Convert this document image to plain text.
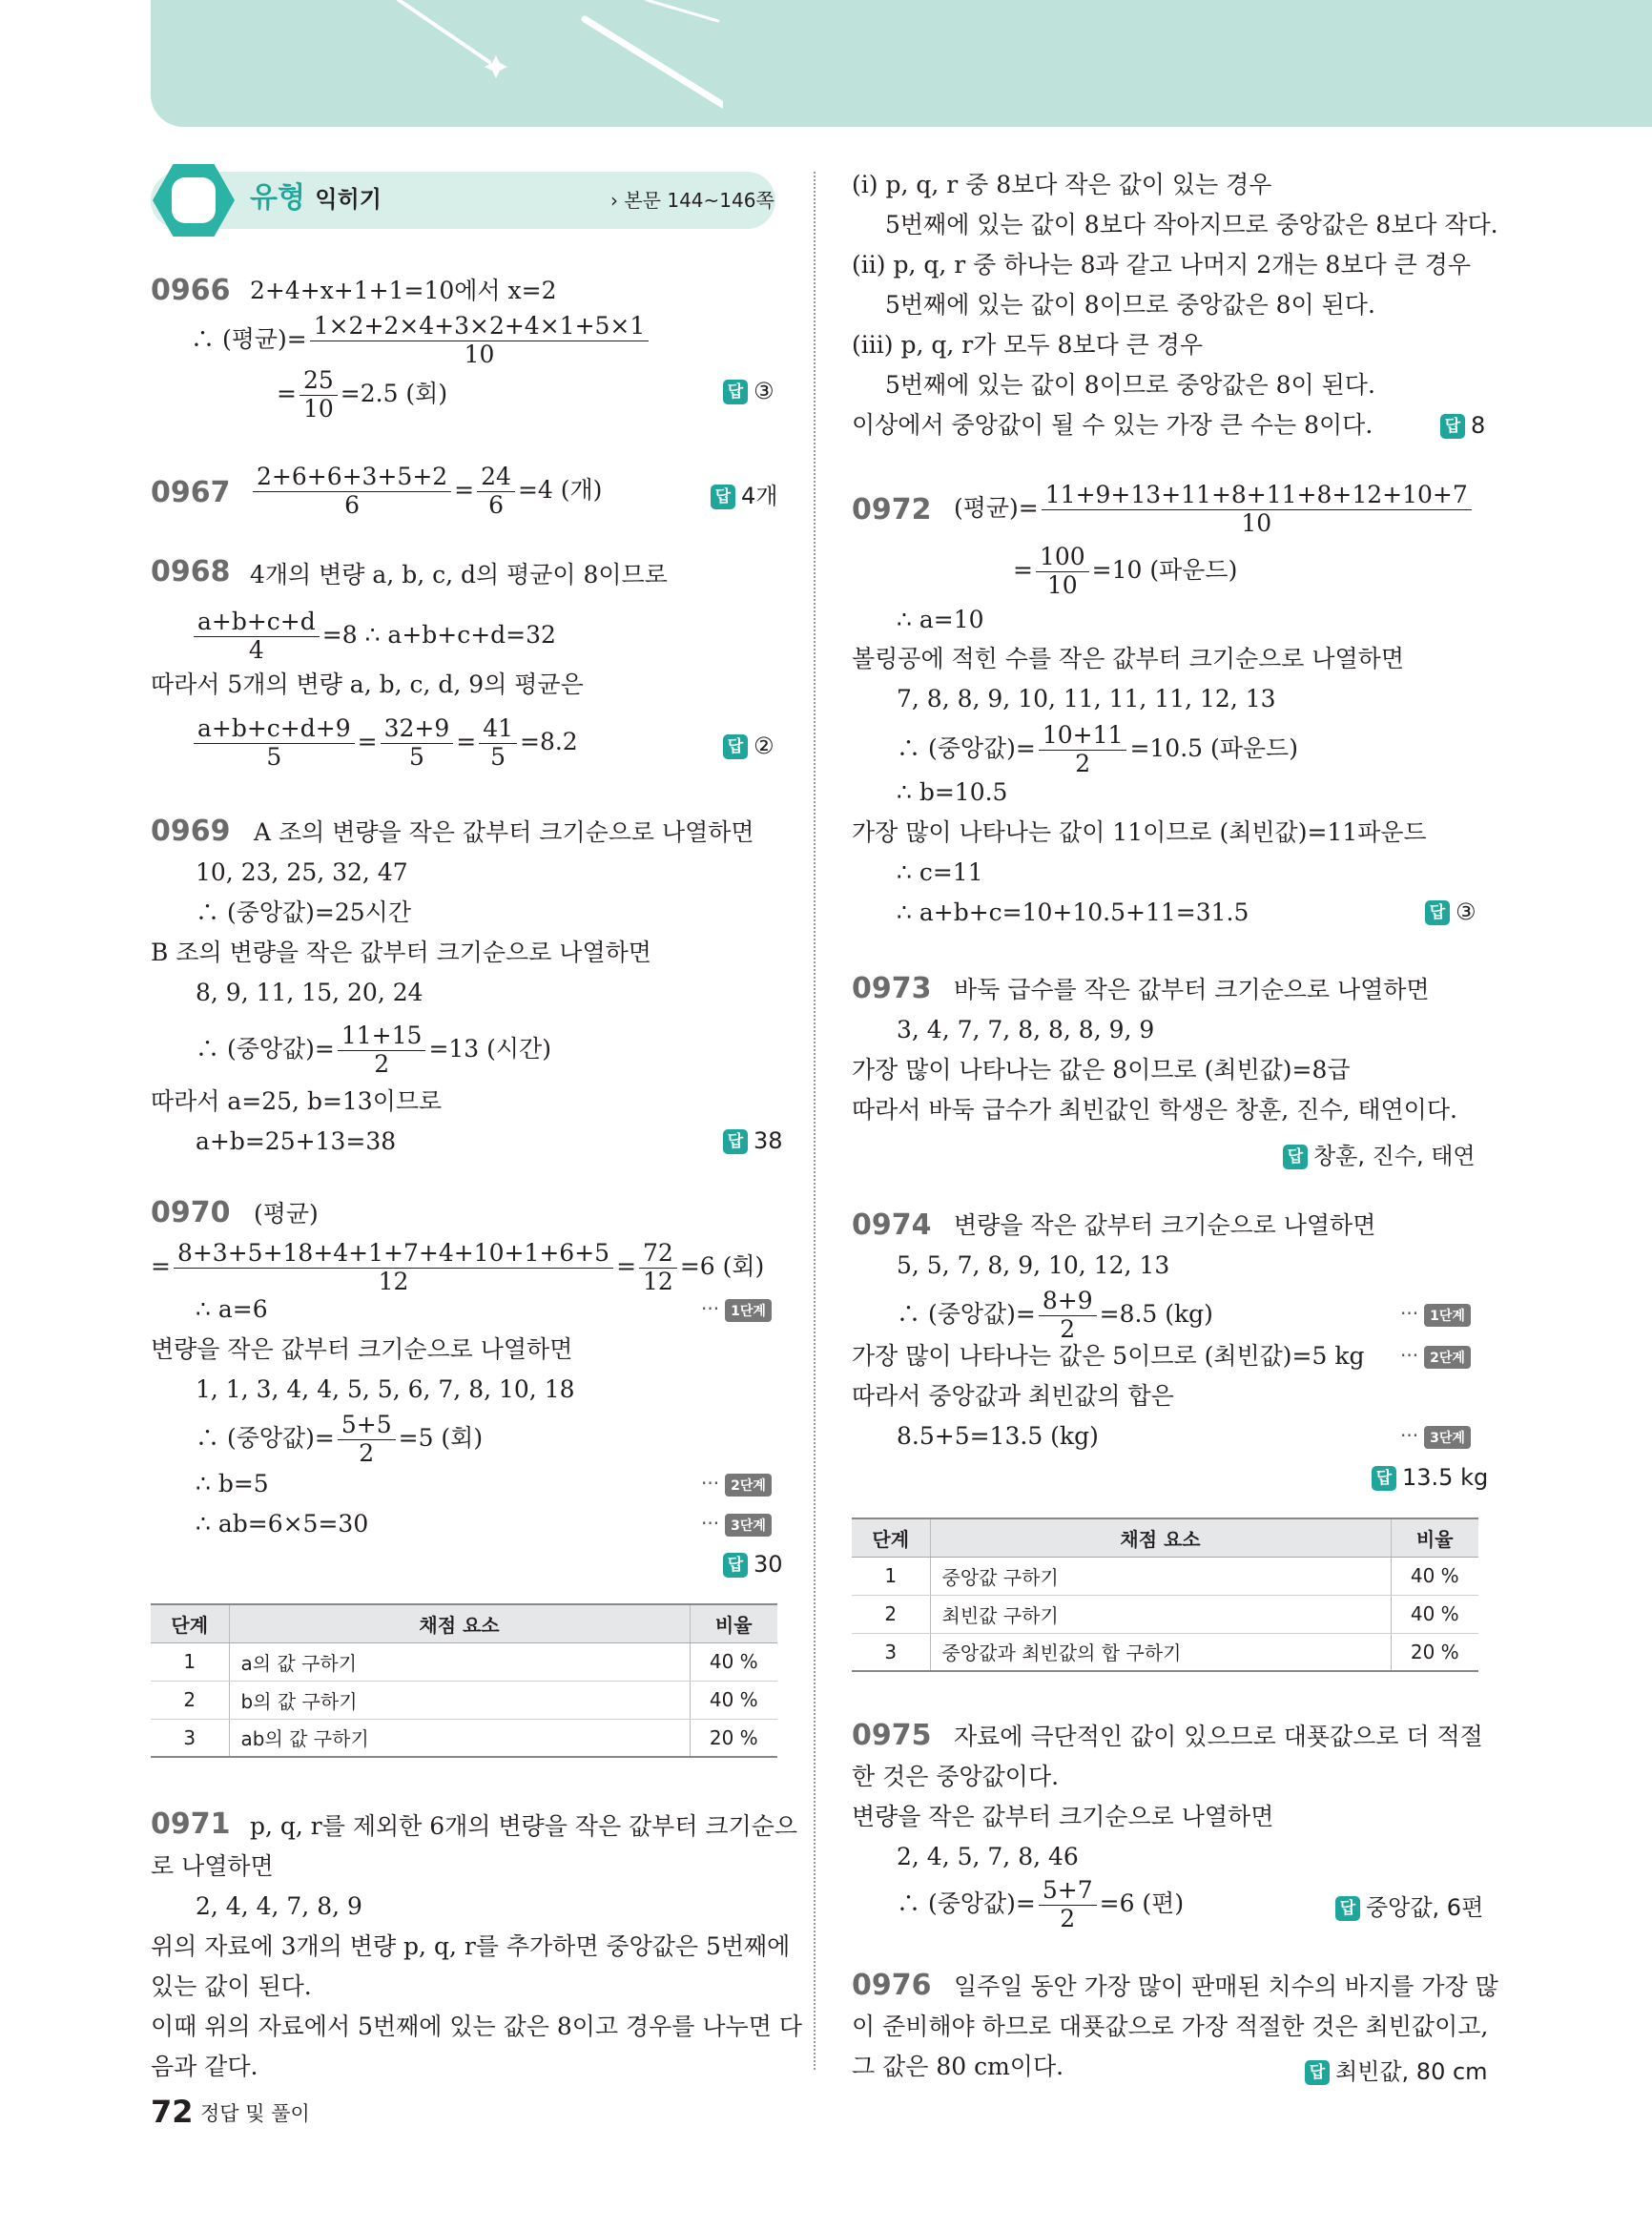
유형 익히기	› 본문 144~146쪽
0966 2+4+x+1+1=10에서 x=2
∴ (평균)= $\frac{1\times 2+2\times 4+3\times 2+4\times 1+5\times 1}{10}$
= $\frac{25}{10} =2.5$ (회)	답 ③
$0967 \frac{2+6+6+3+5+2}{6} = \frac{24}{6} =4$ (개)	답 4개
0968 4개의 변량 a, b, c, d의 평균이 8이므로
$\frac{a+b+c+d}{4} =8$ ∴ a+b+c+d=32
따라서 5개의 변량 a, b, c, d, 9의 평균은
$\frac{a+b+c+d+9}{5} = \frac{32+9}{5} = \frac{41}{5} =8.2$	답 ②
0969 A 조의 변량을 작은 값부터 크기순으로 나열하면
10, 23, 25, 32, 47
∴ (중앙값)=25시간
B 조의 변량을 작은 값부터 크기순으로 나열하면
8, 9, 11, 15, 20, 24
∴ (중앙값)= $\frac{11+15}{2} =13$ (시간)
따라서 a=25, b=13이므로
a+b=25+13=38	답 38
0970 (평균)
= $\frac{8+3+5+18+4+1+7+4+10+1+6+5}{12} = \frac{72}{12} =6$ (회)
∴ a=6	··· 1단계
변량을 작은 값부터 크기순으로 나열하면
1, 1, 3, 4, 4, 5, 5, 6, 7, 8, 10, 18
∴ (중앙값)= $\frac{5+5}{2} =5$ (회)
∴ b=5	··· 2단계
∴ ab=6×5=30	··· 3단계
답 30
단계	채점 요소	비율
1	a의 값 구하기	40 %
2	b의 값 구하기	40 %
3	ab의 값 구하기	20 %
0971 p, q, r를 제외한 6개의 변량을 작은 값부터 크기순으
로 나열하면
2, 4, 4, 7, 8, 9
위의 자료에 3개의 변량 p, q, r를 추가하면 중앙값은 5번째에
있는 값이 된다.
이때 위의 자료에서 5번째에 있는 값은 8이고 경우를 나누면 다
음과 같다.
(ⅰ) p, q, r 중 8보다 작은 값이 있는 경우
5번째에 있는 값이 8보다 작아지므로 중앙값은 8보다 작다.
(ⅱ) p, q, r 중 하나는 8과 같고 나머지 2개는 8보다 큰 경우
5번째에 있는 값이 8이므로 중앙값은 8이 된다.
(ⅲ) p, q, r가 모두 8보다 큰 경우
5번째에 있는 값이 8이므로 중앙값은 8이 된다.
이상에서 중앙값이 될 수 있는 가장 큰 수는 8이다.	답 8
0972 (평균)= $\frac{11+9+13+11+8+11+8+12+10+7}{10}$
= $\frac{100}{10} =10$ (파운드)
∴ a=10
볼링공에 적힌 수를 작은 값부터 크기순으로 나열하면
7, 8, 8, 9, 10, 11, 11, 11, 12, 13
∴ (중앙값)= $\frac{10+11}{2} =10.5$ (파운드)
∴ b=10.5
가장 많이 나타나는 값이 11이므로 (최빈값)=11파운드
∴ c=11
∴ a+b+c=10+10.5+11=31.5	답 ③
0973 바둑 급수를 작은 값부터 크기순으로 나열하면
3, 4, 7, 7, 8, 8, 8, 9, 9
가장 많이 나타나는 값은 8이므로 (최빈값)=8급
따라서 바둑 급수가 최빈값인 학생은 창훈, 진수, 태연이다.
답 창훈, 진수, 태연
0974 변량을 작은 값부터 크기순으로 나열하면
5, 5, 7, 8, 9, 10, 12, 13
∴ (중앙값)= $\frac{8+9}{2} =8.5$ (kg)	··· 1단계
가장 많이 나타나는 값은 5이므로 (최빈값)=5 kg ··· 2단계
따라서 중앙값과 최빈값의 합은
8.5+5=13.5 (kg)	··· 3단계
답 13.5 kg
단계	채점 요소	비율
1	중앙값 구하기	40 %
2	최빈값 구하기	40 %
3	중앙값과 최빈값의 합 구하기	20 %
0975 자료에 극단적인 값이 있으므로 대푯값으로 더 적절
한 것은 중앙값이다.
변량을 작은 값부터 크기순으로 나열하면
2, 4, 5, 7, 8, 46
∴ (중앙값)= $\frac{5+7}{2} =6$ (편)	답 중앙값, 6편
0976 일주일 동안 가장 많이 판매된 치수의 바지를 가장 많
이 준비해야 하므로 대푯값으로 가장 적절한 것은 최빈값이고,
그 값은 80 cm이다.	답 최빈값, 80 cm
72 정답 및 풀이
